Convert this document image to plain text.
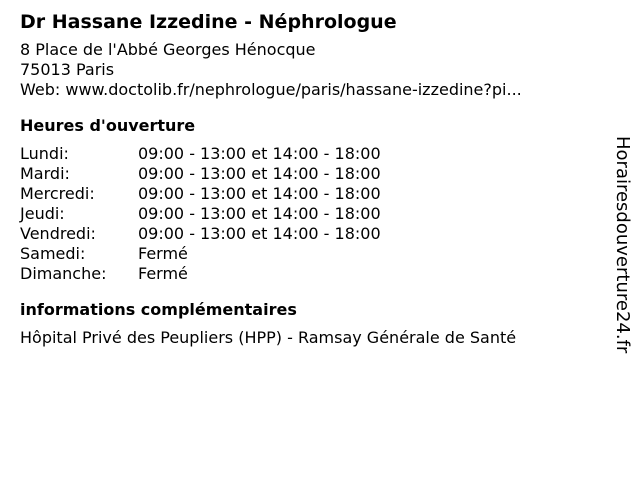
Dr Hassane Izzedine - Néphrologue
8 Place de l'Abbé Georges Hénocque
75013 Paris
Web: www.doctolib.fr/nephrologue/paris/hassane-izzedine?pi...
Heures d'ouverture
Lundi:	09:00 - 13:00 et 14:00 - 18:00
Mardi:	09:00 - 13:00 et 14:00 - 18:00
Mercredi:	09:00 - 13:00 et 14:00 - 18:00
Jeudi:	09:00 - 13:00 et 14:00 - 18:00
Vendredi:	09:00 - 13:00 et 14:00 - 18:00
Samedi:	Fermé
Dimanche:	Fermé
informations complémentaires
Hôpital Privé des Peupliers (HPP) - Ramsay Générale de Santé	Horairesdouverture24.fr
